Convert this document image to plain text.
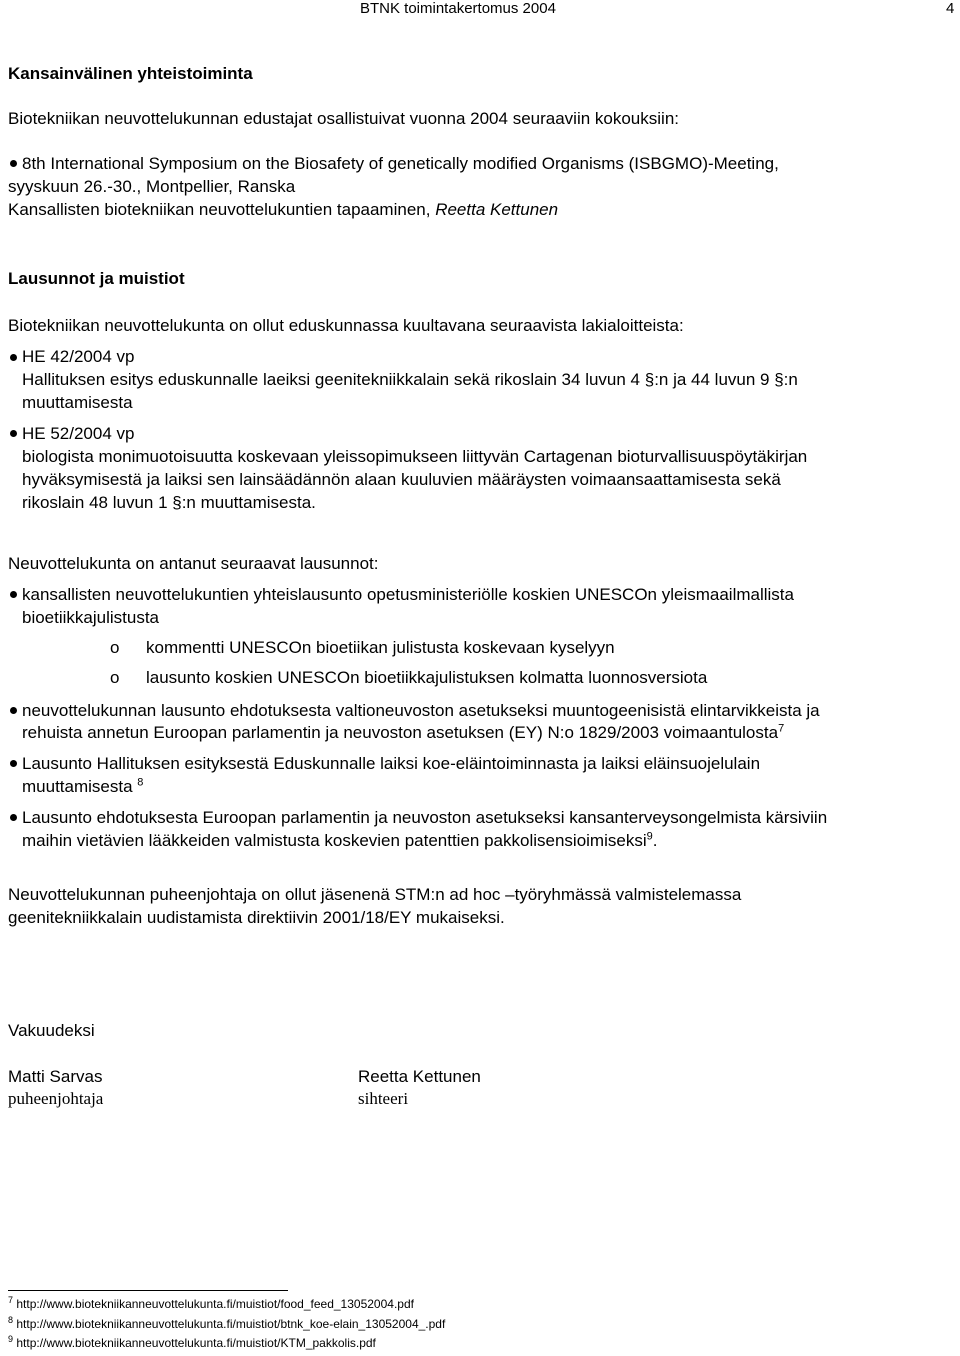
BTNK toimintakertomus 2004	4
Kansainvälinen yhteistoiminta
Biotekniikan neuvottelukunnan edustajat osallistuivat vuonna 2004 seuraaviin kokouksiin:
8th International Symposium on the Biosafety of genetically modified Organisms (ISBGMO)-Meeting,
syyskuun 26.-30., Montpellier, Ranska
Kansallisten biotekniikan neuvottelukuntien tapaaminen, Reetta Kettunen
Lausunnot ja muistiot
Biotekniikan neuvottelukunta on ollut eduskunnassa kuultavana seuraavista lakialoitteista:
HE 42/2004 vp
Hallituksen esitys eduskunnalle laeiksi geenitekniikkalain sekä rikoslain 34 luvun 4 §:n ja 44 luvun 9 §:n
muuttamisesta
HE 52/2004 vp
biologista monimuotoisuutta koskevaan yleissopimukseen liittyvän Cartagenan bioturvallisuuspöytäkirjan
hyväksymisestä ja laiksi sen lainsäädännön alaan kuuluvien määräysten voimaansaattamisesta sekä
rikoslain 48 luvun 1 §:n muuttamisesta.
Neuvottelukunta on antanut seuraavat lausunnot:
kansallisten neuvottelukuntien yhteislausunto opetusministeriölle koskien UNESCOn yleismaailmallista
bioetiikkajulistusta
o kommentti UNESCOn bioetiikan julistusta koskevaan kyselyyn
o lausunto koskien UNESCOn bioetiikkajulistuksen kolmatta luonnosversiota
neuvottelukunnan lausunto ehdotuksesta valtioneuvoston asetukseksi muuntogeenisistä elintarvikkeista ja
rehuista annetun Euroopan parlamentin ja neuvoston asetuksen (EY) N:o 1829/2003 voimaantulosta$^7$
Lausunto Hallituksen esityksestä Eduskunnalle laiksi koe-eläintoiminnasta ja laiksi eläinsuojelulain
muuttamisesta $^8$
Lausunto ehdotuksesta Euroopan parlamentin ja neuvoston asetukseksi kansanterveysongelmista kärsiviin
maihin vietävien lääkkeiden valmistusta koskevien patenttien pakkolisensioimiseksi$^9$.
Neuvottelukunnan puheenjohtaja on ollut jäsenenä STM:n ad hoc –työryhmässä valmistelemassa
geenitekniikkalain uudistamista direktiivin 2001/18/EY mukaiseksi.
Vakuudeksi
Matti Sarvas
puheenjohtaja
Reetta Kettunen
sihteeri
$^7$ http://www.biotekniikanneuvottelukunta.fi/muistiot/food_feed_13052004.pdf
$^8$ http://www.biotekniikanneuvottelukunta.fi/muistiot/btnk_koe-elain_13052004_.pdf
$^9$ http://www.biotekniikanneuvottelukunta.fi/muistiot/KTM_pakkolis.pdf
